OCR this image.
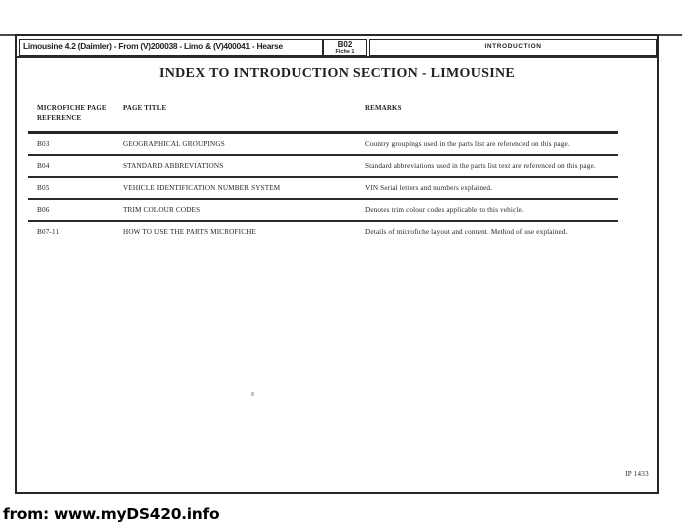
Limousine 4.2 (Daimler) - From (V)200038 - Limo & (V)400041 - Hearse	B02
Fiche 1
INTRODUCTION
INDEX TO INTRODUCTION SECTION - LIMOUSINE
MICROFICHE PAGE
REFERENCE
PAGE TITLE	REMARKS
B03	GEOGRAPHICAL GROUPINGS	Country groupings used in the parts list are referenced on this page.
B04	STANDARD ABBREVIATIONS	Standard abbreviations used in the parts list text are referenced on this page.
B05	VEHICLE IDENTIFICATION NUMBER SYSTEM	VIN Serial letters and numbers explained.
B06	TRIM COLOUR CODES	Denotes trim colour codes applicable to this vehicle.
B07-11	HOW TO USE THE PARTS MICROFICHE	Details of microfiche layout and content. Method of use explained.
IP 1433
from: www.myDS420.info
